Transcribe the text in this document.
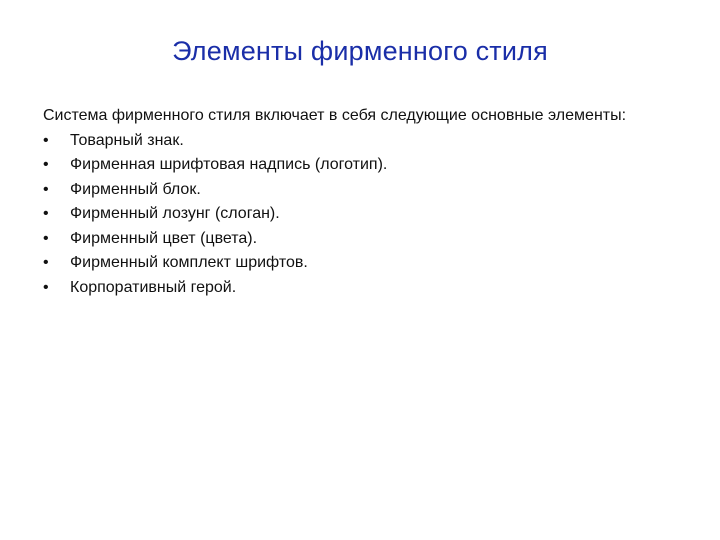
Элементы фирменного стиля

Система фирменного стиля включает в себя следующие основные элементы:

• Товарный знак.
• Фирменная шрифтовая надпись (логотип).
• Фирменный блок.
• Фирменный лозунг (слоган).
• Фирменный цвет (цвета).
• Фирменный комплект шрифтов.
• Корпоративный герой.
